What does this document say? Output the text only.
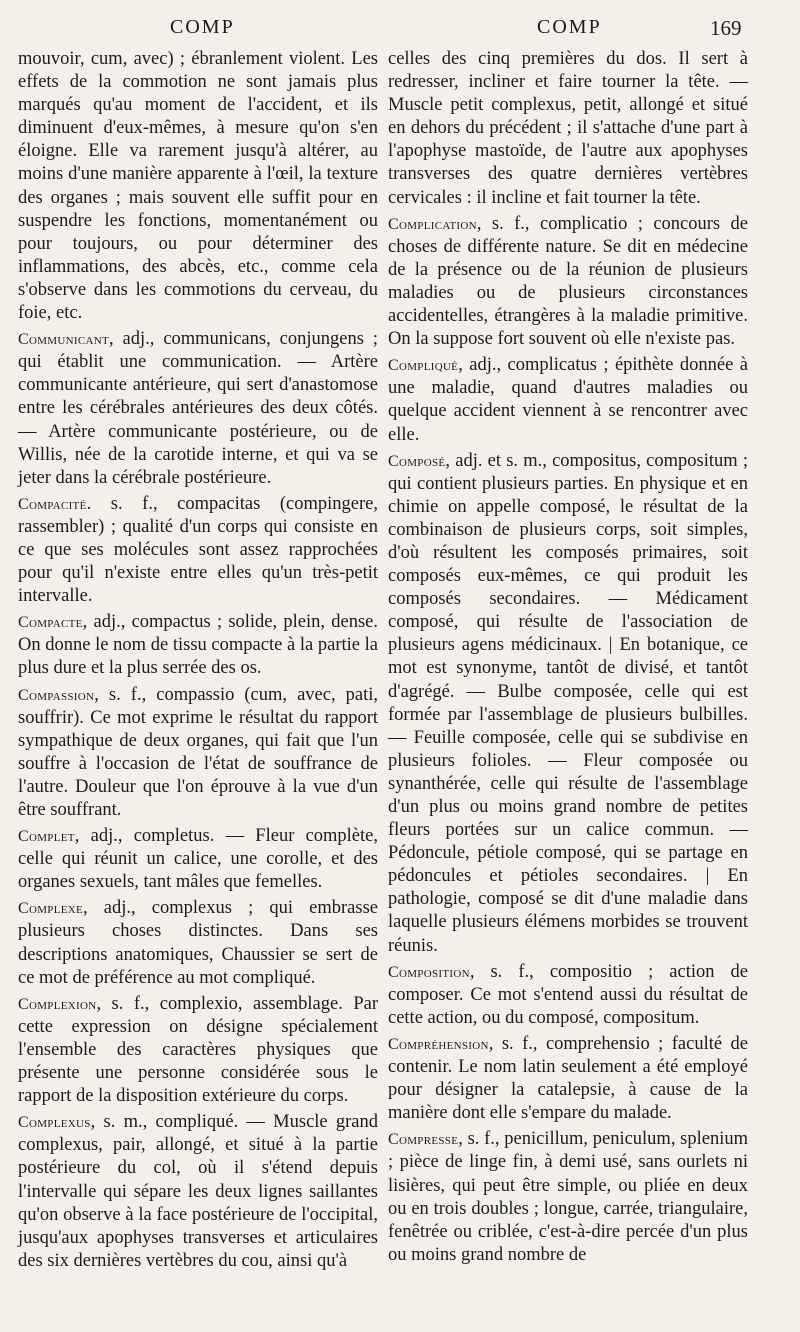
COMP	COMP	169

mouvoir, cum, avec) ; ébranlement violent. Les effets de la commotion ne sont jamais plus marqués qu'au moment de l'accident, et ils diminuent d'eux-mêmes, à mesure qu'on s'en éloigne. Elle va rarement jusqu'à altérer, au moins d'une manière apparente à l'œil, la texture des organes ; mais souvent elle suffit pour en suspendre les fonctions, momentanément ou pour toujours, ou pour déterminer des inflammations, des abcès, etc., comme cela s'observe dans les commotions du cerveau, du foie, etc.

Communicant, adj., communicans, conjungens ; qui établit une communication. — Artère communicante antérieure, qui sert d'anastomose entre les cérébrales antérieures des deux côtés. — Artère communicante postérieure, ou de Willis, née de la carotide interne, et qui va se jeter dans la cérébrale postérieure.

Compacité. s. f., compacitas (compingere, rassembler) ; qualité d'un corps qui consiste en ce que ses molécules sont assez rapprochées pour qu'il n'existe entre elles qu'un très-petit intervalle.

Compacte, adj., compactus ; solide, plein, dense. On donne le nom de tissu compacte à la partie la plus dure et la plus serrée des os.

Compassion, s. f., compassio (cum, avec, pati, souffrir). Ce mot exprime le résultat du rapport sympathique de deux organes, qui fait que l'un souffre à l'occasion de l'état de souffrance de l'autre. Douleur que l'on éprouve à la vue d'un être souffrant.

Complet, adj., completus. — Fleur complète, celle qui réunit un calice, une corolle, et des organes sexuels, tant mâles que femelles.

Complexe, adj., complexus ; qui embrasse plusieurs choses distinctes. Dans ses descriptions anatomiques, Chaussier se sert de ce mot de préférence au mot compliqué.

Complexion, s. f., complexio, assemblage. Par cette expression on désigne spécialement l'ensemble des caractères physiques que présente une personne considérée sous le rapport de la disposition extérieure du corps.

Complexus, s. m., compliqué. — Muscle grand complexus, pair, allongé, et situé à la partie postérieure du col, où il s'étend depuis l'intervalle qui sépare les deux lignes saillantes qu'on observe à la face postérieure de l'occipital, jusqu'aux apophyses transverses et articulaires des six dernières vertèbres du cou, ainsi qu'à

celles des cinq premières du dos. Il sert à redresser, incliner et faire tourner la tête. — Muscle petit complexus, petit, allongé et situé en dehors du précédent ; il s'attache d'une part à l'apophyse mastoïde, de l'autre aux apophyses transverses des quatre dernières vertèbres cervicales : il incline et fait tourner la tête.

Complication, s. f., complicatio ; concours de choses de différente nature. Se dit en médecine de la présence ou de la réunion de plusieurs maladies ou de plusieurs circonstances accidentelles, étrangères à la maladie primitive. On la suppose fort souvent où elle n'existe pas.

Compliqué, adj., complicatus ; épithète donnée à une maladie, quand d'autres maladies ou quelque accident viennent à se rencontrer avec elle.

Composé, adj. et s. m., compositus, compositum ; qui contient plusieurs parties. En physique et en chimie on appelle composé, le résultat de la combinaison de plusieurs corps, soit simples, d'où résultent les composés primaires, soit composés eux-mêmes, ce qui produit les composés secondaires. — Médicament composé, qui résulte de l'association de plusieurs agens médicinaux. | En botanique, ce mot est synonyme, tantôt de divisé, et tantôt d'agrégé. — Bulbe composée, celle qui est formée par l'assemblage de plusieurs bulbilles. — Feuille composée, celle qui se subdivise en plusieurs folioles. — Fleur composée ou synanthérée, celle qui résulte de l'assemblage d'un plus ou moins grand nombre de petites fleurs portées sur un calice commun. — Pédoncule, pétiole composé, qui se partage en pédoncules et pétioles secondaires. | En pathologie, composé se dit d'une maladie dans laquelle plusieurs élémens morbides se trouvent réunis.

Composition, s. f., compositio ; action de composer. Ce mot s'entend aussi du résultat de cette action, ou du composé, compositum.

Compréhension, s. f., comprehensio ; faculté de contenir. Le nom latin seulement a été employé pour désigner la catalepsie, à cause de la manière dont elle s'empare du malade.

Compresse, s. f., penicillum, peniculum, splenium ; pièce de linge fin, à demi usé, sans ourlets ni lisières, qui peut être simple, ou pliée en deux ou en trois doubles ; longue, carrée, triangulaire, fenêtrée ou criblée, c'est-à-dire percée d'un plus ou moins grand nombre de
